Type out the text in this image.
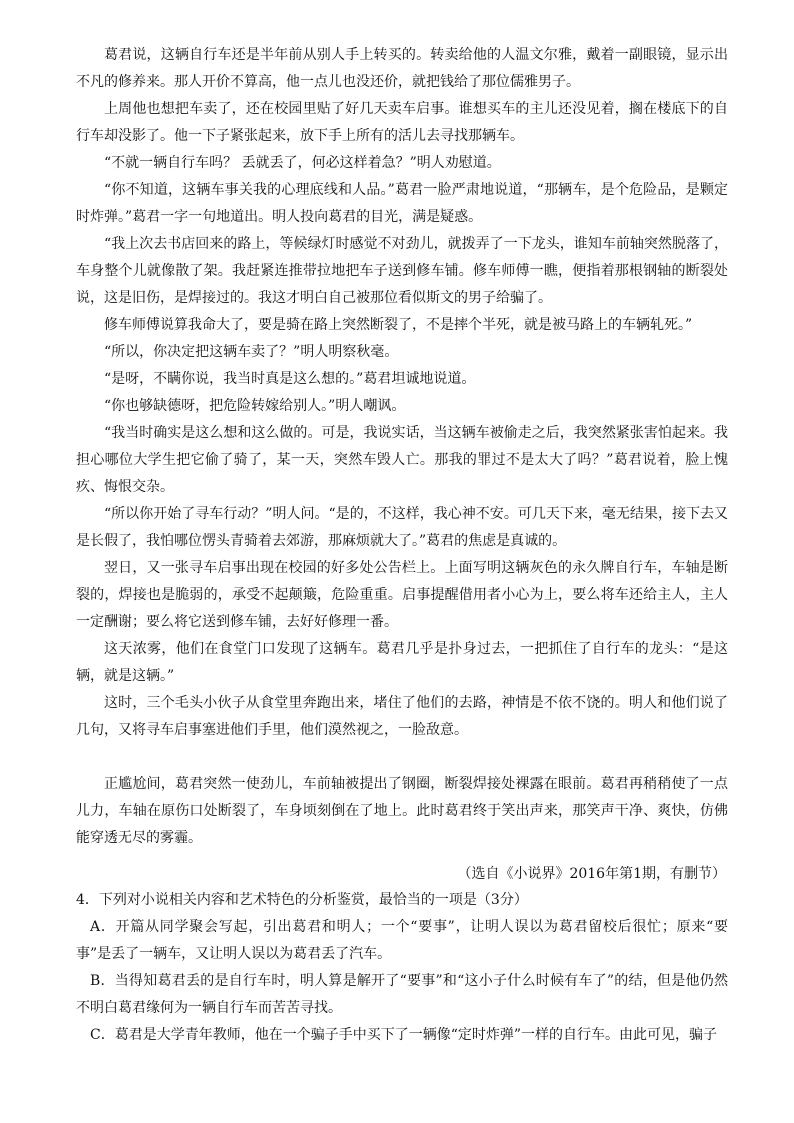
葛君说，这辆自行车还是半年前从别人手上转买的。转卖给他的人温文尔雅，戴着一副眼镜，显示出不凡的修养来。那人开价不算高，他一点儿也没还价，就把钱给了那位儒雅男子。

上周他也想把车卖了，还在校园里贴了好几天卖车启事。谁想买车的主儿还没见着，搁在楼底下的自行车却没影了。他一下子紧张起来，放下手上所有的活儿去寻找那辆车。

“不就一辆自行车吗？ 丢就丢了，何必这样着急？”明人劝慰道。

“你不知道，这辆车事关我的心理底线和人品。”葛君一脸严肃地说道，“那辆车，是个危险品，是颗定时炸弹。”葛君一字一句地道出。明人投向葛君的目光，满是疑惑。

“我上次去书店回来的路上，等候绿灯时感觉不对劲儿，就拨弄了一下龙头，谁知车前轴突然脱落了，车身整个儿就像散了架。我赶紧连推带拉地把车子送到修车铺。修车师傅一瞧，便指着那根钢轴的断裂处说，这是旧伤，是焊接过的。我这才明白自己被那位看似斯文的男子给骗了。

修车师傅说算我命大了，要是骑在路上突然断裂了，不是摔个半死，就是被马路上的车辆轧死。”

“所以，你决定把这辆车卖了？”明人明察秋毫。

“是呀，不瞒你说，我当时真是这么想的。”葛君坦诚地说道。

“你也够缺德呀，把危险转嫁给别人。”明人嘲讽。

“我当时确实是这么想和这么做的。可是，我说实话，当这辆车被偷走之后，我突然紧张害怕起来。我担心哪位大学生把它偷了骑了，某一天，突然车毁人亡。那我的罪过不是太大了吗？”葛君说着，脸上愧疚、悔恨交杂。

“所以你开始了寻车行动？”明人问。“是的，不这样，我心神不安。可几天下来，毫无结果，接下去又是长假了，我怕哪位愣头青骑着去郊游，那麻烦就大了。”葛君的焦虑是真诚的。

翌日，又一张寻车启事出现在校园的好多处公告栏上。上面写明这辆灰色的永久牌自行车，车轴是断裂的，焊接也是脆弱的，承受不起颠簸，危险重重。启事提醒借用者小心为上，要么将车还给主人，主人一定酬谢；要么将它送到修车铺，去好好修理一番。

这天浓雾，他们在食堂门口发现了这辆车。葛君几乎是扑身过去，一把抓住了自行车的龙头：“是这辆，就是这辆。”

这时，三个毛头小伙子从食堂里奔跑出来，堵住了他们的去路，神情是不依不饶的。明人和他们说了几句，又将寻车启事塞进他们手里，他们漠然视之，一脸敌意。

正尴尬间，葛君突然一使劲儿，车前轴被提出了钢圈，断裂焊接处裸露在眼前。葛君再稍稍使了一点儿力，车轴在原伤口处断裂了，车身顷刻倒在了地上。此时葛君终于笑出声来，那笑声干净、爽快，仿佛能穿透无尽的雾霾。

（选自《小说界》2016年第1期，有删节）

4．下列对小说相关内容和艺术特色的分析鉴赏，最恰当的一项是（3分）

A．开篇从同学聚会写起，引出葛君和明人；一个“要事”，让明人误以为葛君留校后很忙；原来“要事”是丢了一辆车，又让明人误以为葛君丢了汽车。

B．当得知葛君丢的是自行车时，明人算是解开了“要事”和“这小子什么时候有车了”的结，但是他仍然不明白葛君缘何为一辆自行车而苦苦寻找。

C．葛君是大学青年教师，他在一个骗子手中买下了一辆像“定时炸弹”一样的自行车。由此可见，骗子
